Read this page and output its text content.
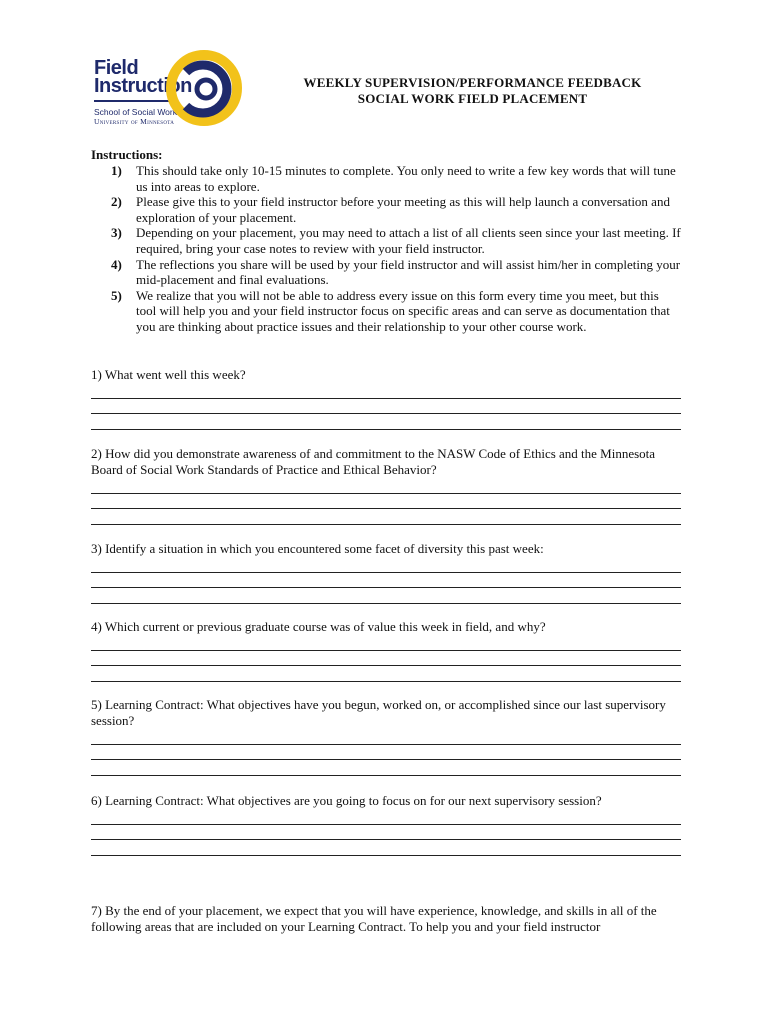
Field
Instruction
School of Social Work
University of Minnesota
WEEKLY SUPERVISION/PERFORMANCE FEEDBACK
SOCIAL WORK FIELD PLACEMENT
Instructions:
1) This should take only 10-15 minutes to complete. You only need to write a few key words that will tune us into areas to explore.
2) Please give this to your field instructor before your meeting as this will help launch a conversation and exploration of your placement.
3) Depending on your placement, you may need to attach a list of all clients seen since your last meeting. If required, bring your case notes to review with your field instructor.
4) The reflections you share will be used by your field instructor and will assist him/her in completing your mid-placement and final evaluations.
5) We realize that you will not be able to address every issue on this form every time you meet, but this tool will help you and your field instructor focus on specific areas and can serve as documentation that you are thinking about practice issues and their relationship to your other course work.
1) What went well this week?
2) How did you demonstrate awareness of and commitment to the NASW Code of Ethics and the Minnesota Board of Social Work Standards of Practice and Ethical Behavior?
3) Identify a situation in which you encountered some facet of diversity this past week:
4) Which current or previous graduate course was of value this week in field, and why?
5) Learning Contract: What objectives have you begun, worked on, or accomplished since our last supervisory session?
6) Learning Contract: What objectives are you going to focus on for our next supervisory session?
7) By the end of your placement, we expect that you will have experience, knowledge, and skills in all of the following areas that are included on your Learning Contract. To help you and your field instructor
